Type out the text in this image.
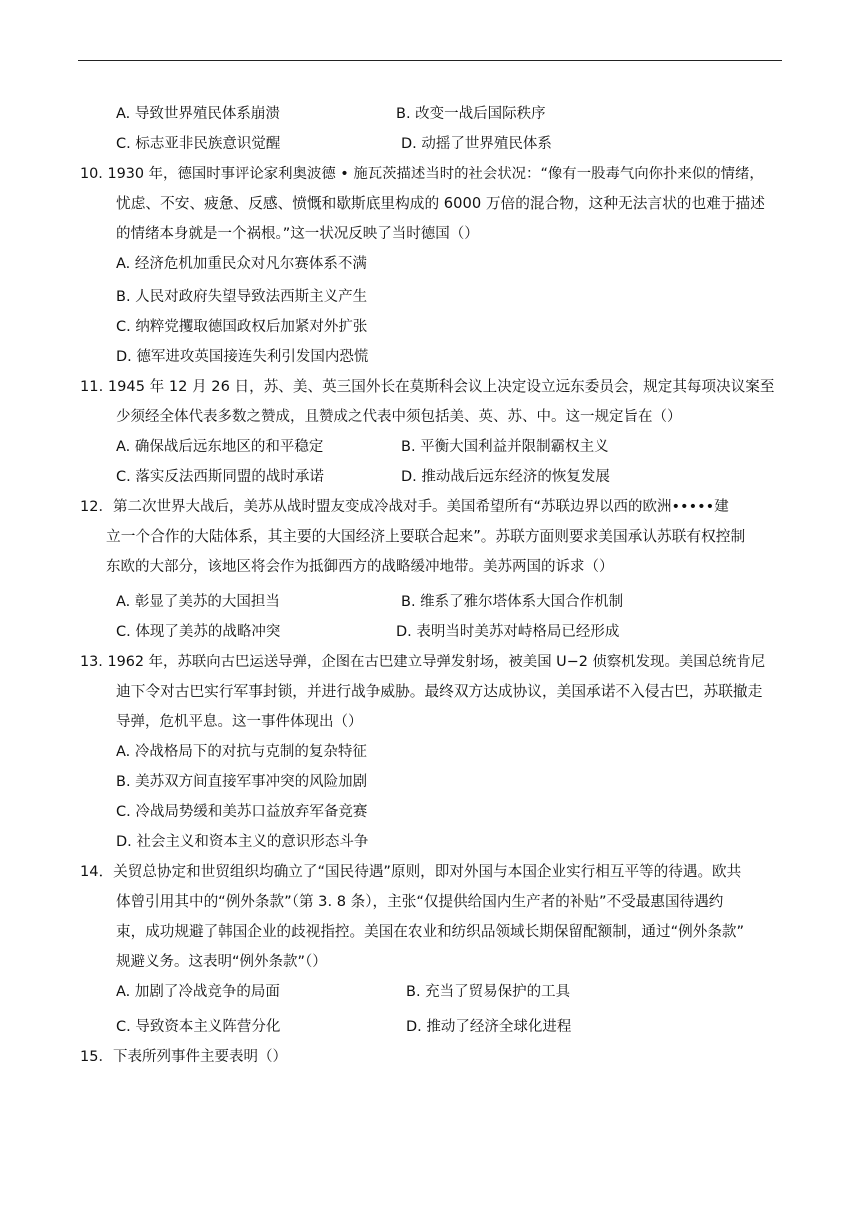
A. 导致世界殖民体系崩溃	B. 改变一战后国际秩序
C. 标志亚非民族意识觉醒	D. 动摇了世界殖民体系
10. 1930 年，德国时事评论家利奥波德 • 施瓦茨描述当时的社会状况：“像有一股毒气向你扑来似的情绪，
忧虑、不安、疲惫、反感、愤慨和歇斯底里构成的 6000 万倍的混合物，这种无法言状的也难于描述
的情绪本身就是一个祸根。”这一状况反映了当时德国（）
A. 经济危机加重民众对凡尔赛体系不满
B. 人民对政府失望导致法西斯主义产生
C. 纳粹党攫取德国政权后加紧对外扩张
D. 德军进攻英国接连失利引发国内恐慌
11. 1945 年 12 月 26 日，苏、美、英三国外长在莫斯科会议上决定设立远东委员会，规定其每项决议案至
少须经全体代表多数之赞成，且赞成之代表中须包括美、英、苏、中。这一规定旨在（）
A. 确保战后远东地区的和平稳定	B. 平衡大国利益并限制霸权主义
C. 落实反法西斯同盟的战时承诺	D. 推动战后远东经济的恢复发展
12．第二次世界大战后，美苏从战时盟友变成冷战对手。美国希望所有“苏联边界以西的欧洲•••••建
立一个合作的大陆体系，其主要的大国经济上要联合起来”。苏联方面则要求美国承认苏联有权控制
东欧的大部分，该地区将会作为抵御西方的战略缓冲地带。美苏两国的诉求（）
A. 彰显了美苏的大国担当	B. 维系了雅尔塔体系大国合作机制
C. 体现了美苏的战略冲突	D. 表明当时美苏对峙格局已经形成
13. 1962 年，苏联向古巴运送导弹，企图在古巴建立导弹发射场，被美国 U−2 侦察机发现。美国总统肯尼
迪下令对古巴实行军事封锁，并进行战争威胁。最终双方达成协议，美国承诺不入侵古巴，苏联撤走
导弹，危机平息。这一事件体现出（）
A. 冷战格局下的对抗与克制的复杂特征
B. 美苏双方间直接军事冲突的风险加剧
C. 冷战局势缓和美苏口益放弃军备竞赛
D. 社会主义和资本主义的意识形态斗争
14．关贸总协定和世贸组织均确立了“国民待遇”原则，即对外国与本国企业实行相互平等的待遇。欧共
体曾引用其中的“例外条款”（第 3. 8 条），主张“仅提供给国内生产者的补贴”不受最惠国待遇约
束，成功规避了韩国企业的歧视指控。美国在农业和纺织品领域长期保留配额制，通过“例外条款”
规避义务。这表明“例外条款”（）
A. 加剧了冷战竞争的局面	B. 充当了贸易保护的工具
C. 导致资本主义阵营分化	D. 推动了经济全球化进程
15．下表所列事件主要表明（）
